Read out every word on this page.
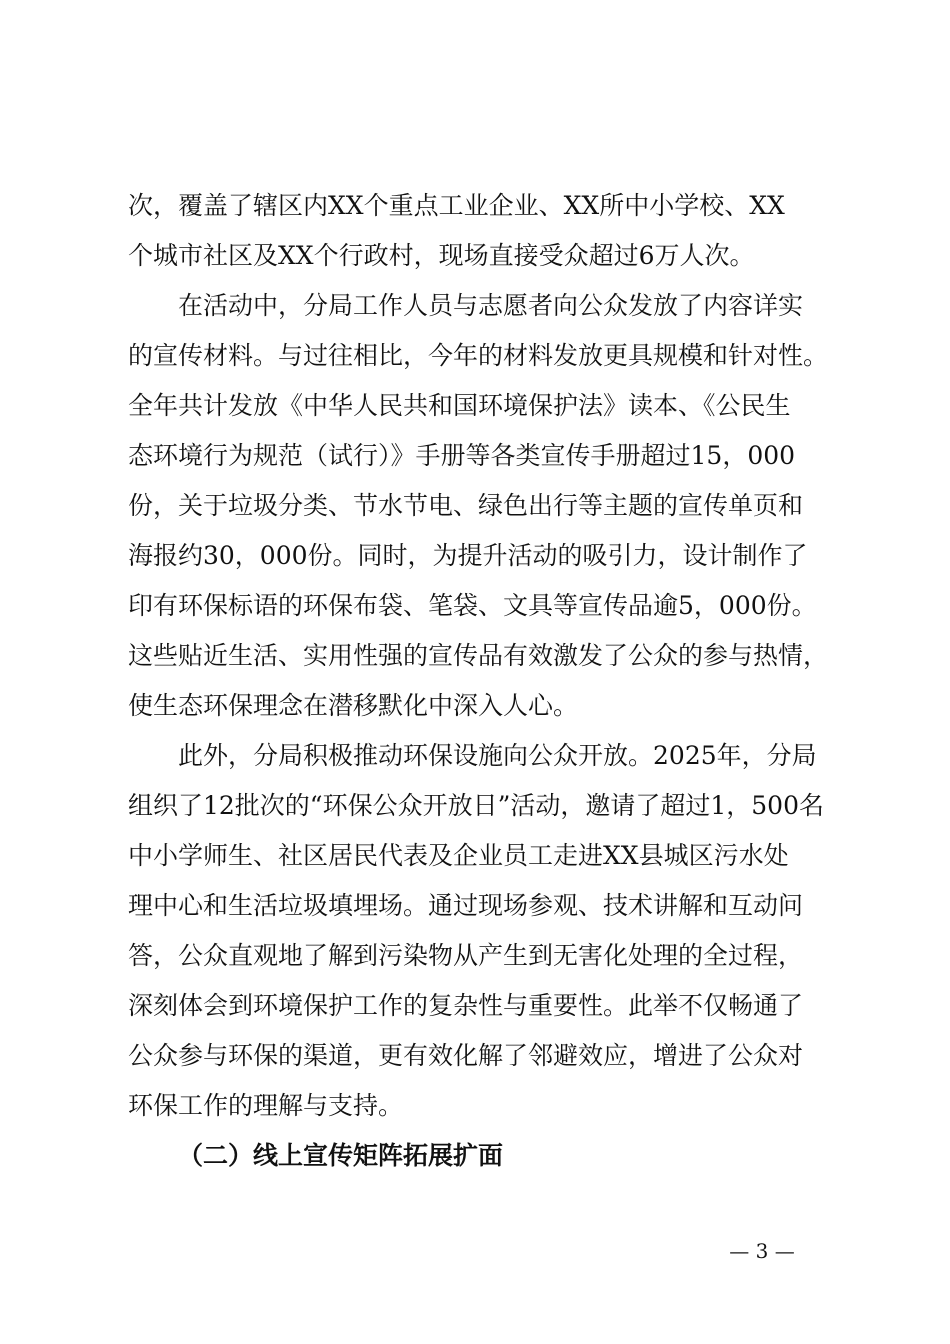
次，覆盖了辖区内XX个重点工业企业、XX所中小学校、XX

个城市社区及XX个行政村，现场直接受众超过6万人次。

在活动中，分局工作人员与志愿者向公众发放了内容详实

的宣传材料。与过往相比，今年的材料发放更具规模和针对性。

全年共计发放《中华人民共和国环境保护法》读本、《公民生

态环境行为规范（试行）》手册等各类宣传手册超过15，000

份，关于垃圾分类、节水节电、绿色出行等主题的宣传单页和

海报约30，000份。同时，为提升活动的吸引力，设计制作了

印有环保标语的环保布袋、笔袋、文具等宣传品逾5，000份。

这些贴近生活、实用性强的宣传品有效激发了公众的参与热情，

使生态环保理念在潜移默化中深入人心。

此外，分局积极推动环保设施向公众开放。2025年，分局

组织了12批次的“环保公众开放日”活动，邀请了超过1，500名

中小学师生、社区居民代表及企业员工走进XX县城区污水处

理中心和生活垃圾填埋场。通过现场参观、技术讲解和互动问

答，公众直观地了解到污染物从产生到无害化处理的全过程，

深刻体会到环境保护工作的复杂性与重要性。此举不仅畅通了

公众参与环保的渠道，更有效化解了邻避效应，增进了公众对

环保工作的理解与支持。

（二）线上宣传矩阵拓展扩面

— 3 —
